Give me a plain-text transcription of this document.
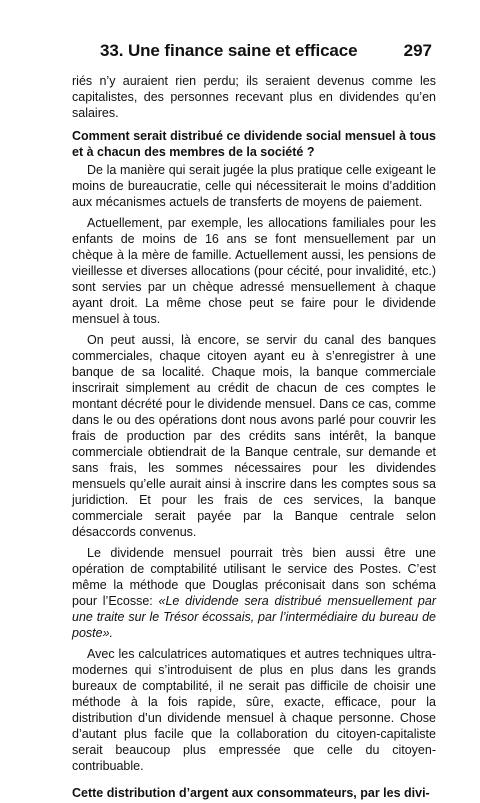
33. Une finance saine et efficace	297

riés n’y auraient rien perdu; ils seraient devenus comme les capitalistes, des personnes recevant plus en dividendes qu’en salaires.

Comment serait distribué ce dividende social mensuel à tous et à chacun des membres de la société ?

De la manière qui serait jugée la plus pratique celle exigeant le moins de bureaucratie, celle qui nécessiterait le moins d’addition aux mécanismes actuels de transferts de moyens de paiement.

Actuellement, par exemple, les allocations familiales pour les enfants de moins de 16 ans se font mensuellement par un chèque à la mère de famille. Actuellement aussi, les pensions de vieillesse et diverses allocations (pour cécité, pour invalidité, etc.) sont servies par un chèque adressé mensuellement à chaque ayant droit. La même chose peut se faire pour le dividende mensuel à tous.

On peut aussi, là encore, se servir du canal des banques commerciales, chaque citoyen ayant eu à s’enregistrer à une banque de sa localité. Chaque mois, la banque commerciale inscrirait simplement au crédit de chacun de ces comptes le montant décrété pour le dividende mensuel. Dans ce cas, comme dans le ou des opérations dont nous avons parlé pour couvrir les frais de production par des crédits sans intérêt, la banque commerciale obtiendrait de la Banque centrale, sur demande et sans frais, les sommes nécessaires pour les dividendes mensuels qu’elle aurait ainsi à inscrire dans les comptes sous sa juridiction. Et pour les frais de ces services, la banque commerciale serait payée par la Banque centrale selon désaccords convenus.

Le dividende mensuel pourrait très bien aussi être une opération de comptabilité utilisant le service des Postes. C’est même la méthode que Douglas préconisait dans son schéma pour l’Ecosse: «Le dividende sera distribué mensuellement par une traite sur le Trésor écossais, par l’intermédiaire du bureau de poste».

Avec les calculatrices automatiques et autres techniques ultra-modernes qui s’introduisent de plus en plus dans les grands bureaux de comptabilité, il ne serait pas difficile de choisir une méthode à la fois rapide, sûre, exacte, efficace, pour la distribution d’un dividende mensuel à chaque personne. Chose d’autant plus facile que la collaboration du citoyen-capitaliste serait beaucoup plus empressée que celle du citoyen-contribuable.

Cette distribution d’argent aux consommateurs, par les divi-
